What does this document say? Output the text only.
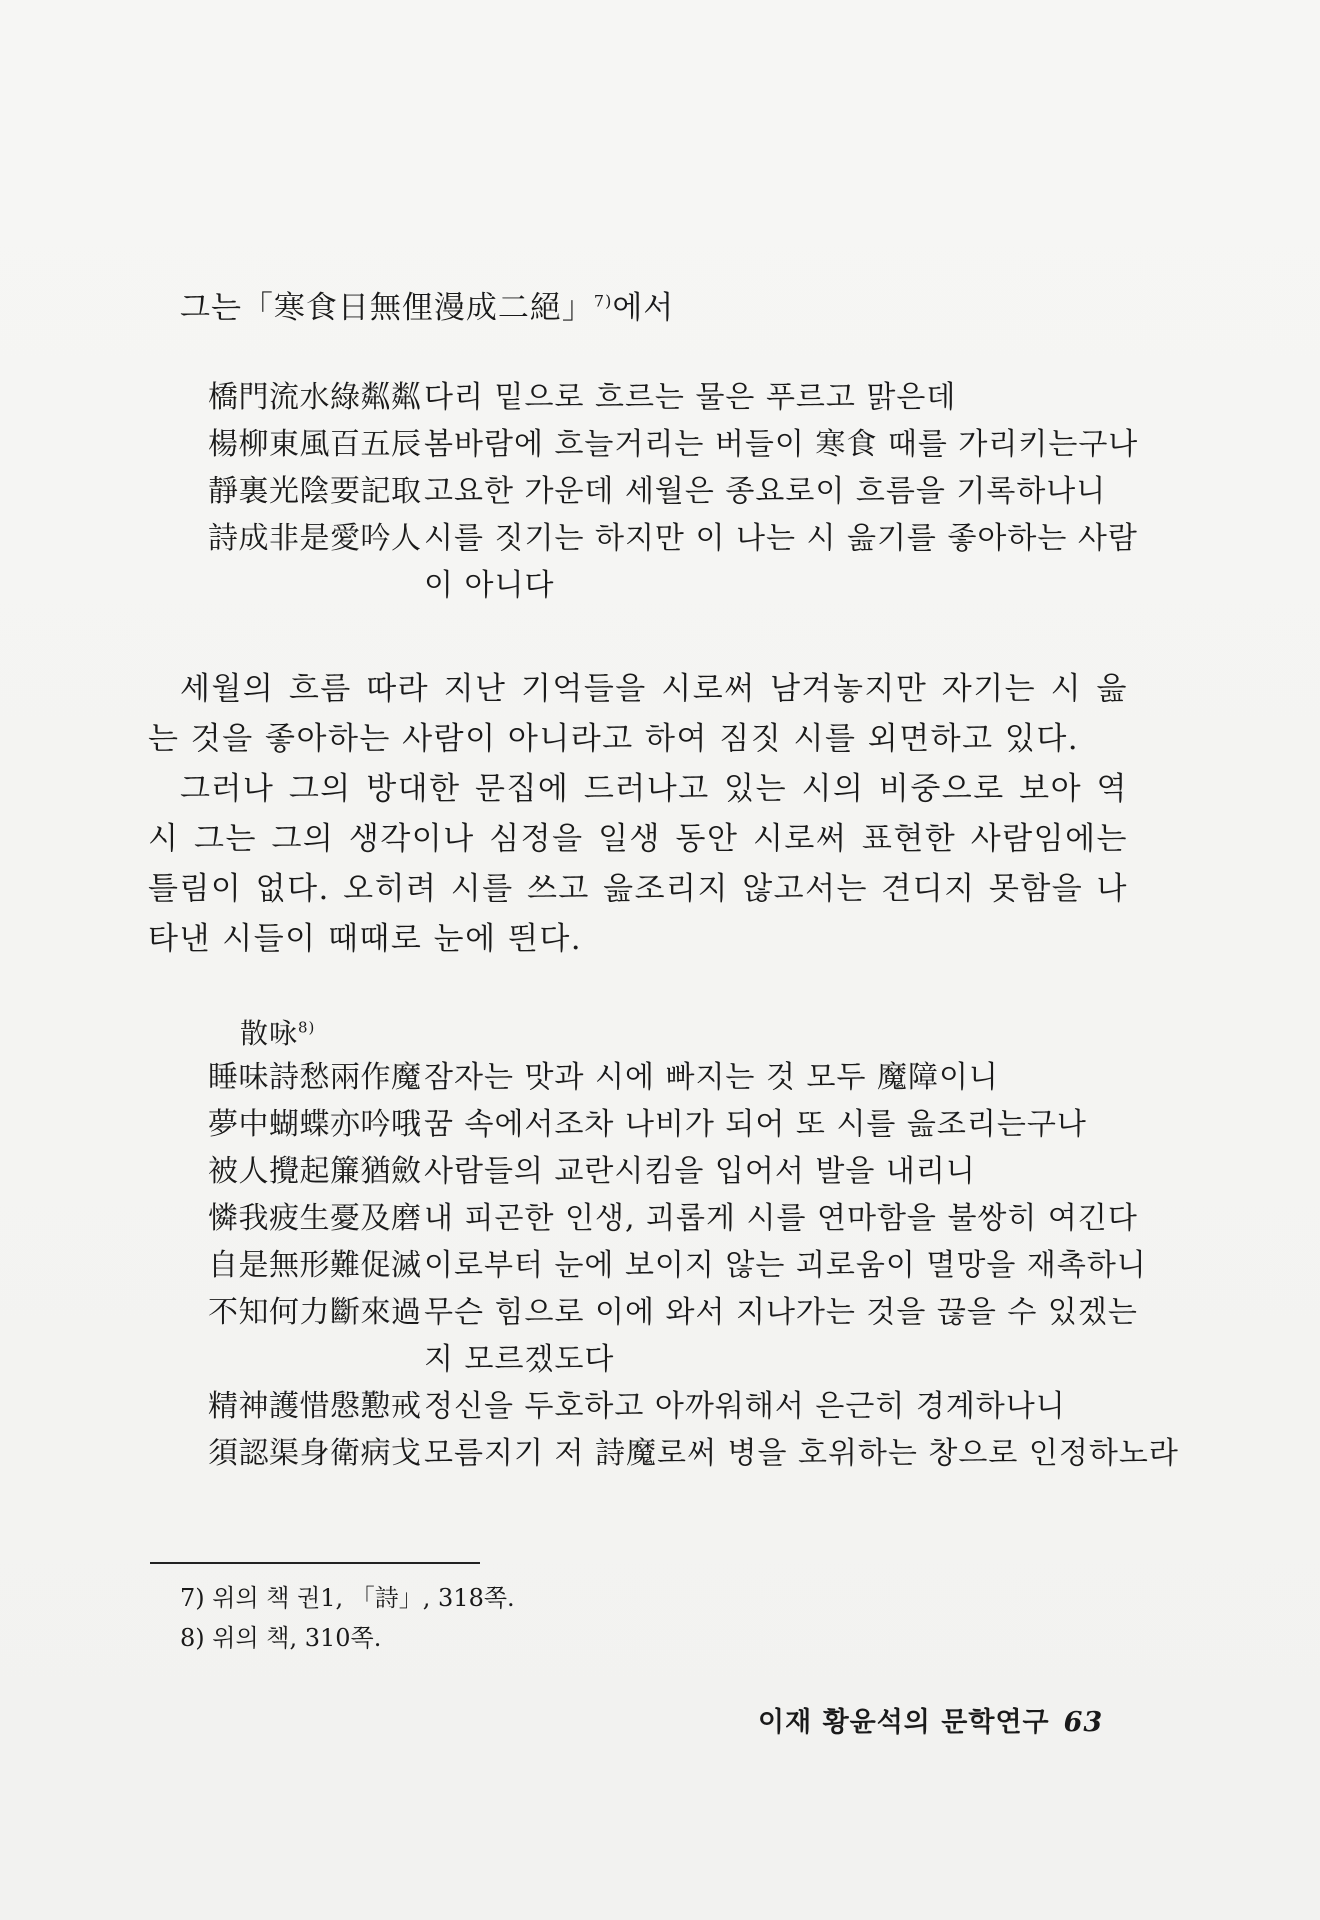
그는「寒食日無俚漫成二絕」$^{7)}$에서
橋門流水綠粼粼 다리 밑으로 흐르는 물은 푸르고 맑은데
楊柳東風百五辰 봄바람에 흐늘거리는 버들이 寒食 때를 가리키는구나
靜裏光陰要記取 고요한 가운데 세월은 종요로이 흐름을 기록하나니
詩成非是愛吟人 시를 짓기는 하지만 이 나는 시 읊기를 좋아하는 사람이 아니다

세월의 흐름 따라 지난 기억들을 시로써 남겨놓지만 자기는 시 읊는 것을 좋아하는 사람이 아니라고 하여 짐짓 시를 외면하고 있다.

그러나 그의 방대한 문집에 드러나고 있는 시의 비중으로 보아 역시 그는 그의 생각이나 심정을 일생 동안 시로써 표현한 사람임에는 틀림이 없다. 오히려 시를 쓰고 읊조리지 않고서는 견디지 못함을 나타낸 시들이 때때로 눈에 띈다.

散咏$^{8)}$
睡味詩愁兩作魔 잠자는 맛과 시에 빠지는 것 모두 魔障이니
夢中蝴蝶亦吟哦 꿈 속에서조차 나비가 되어 또 시를 읊조리는구나
被人攪起簾猶斂 사람들의 교란시킴을 입어서 발을 내리니
憐我疲生憂及磨 내 피곤한 인생, 괴롭게 시를 연마함을 불쌍히 여긴다
自是無形難促滅 이로부터 눈에 보이지 않는 괴로움이 멸망을 재촉하니
不知何力斷來過 무슨 힘으로 이에 와서 지나가는 것을 끊을 수 있겠는지 모르겠도다
精神護惜慇懃戒 정신을 두호하고 아까워해서 은근히 경계하나니
須認渠身衛病戈 모름지기 저 詩魔로써 병을 호위하는 창으로 인정하노라
7) 위의 책 권1, 「詩」, 318쪽.
8) 위의 책, 310쪽.
이재 황윤석의 문학연구 63
